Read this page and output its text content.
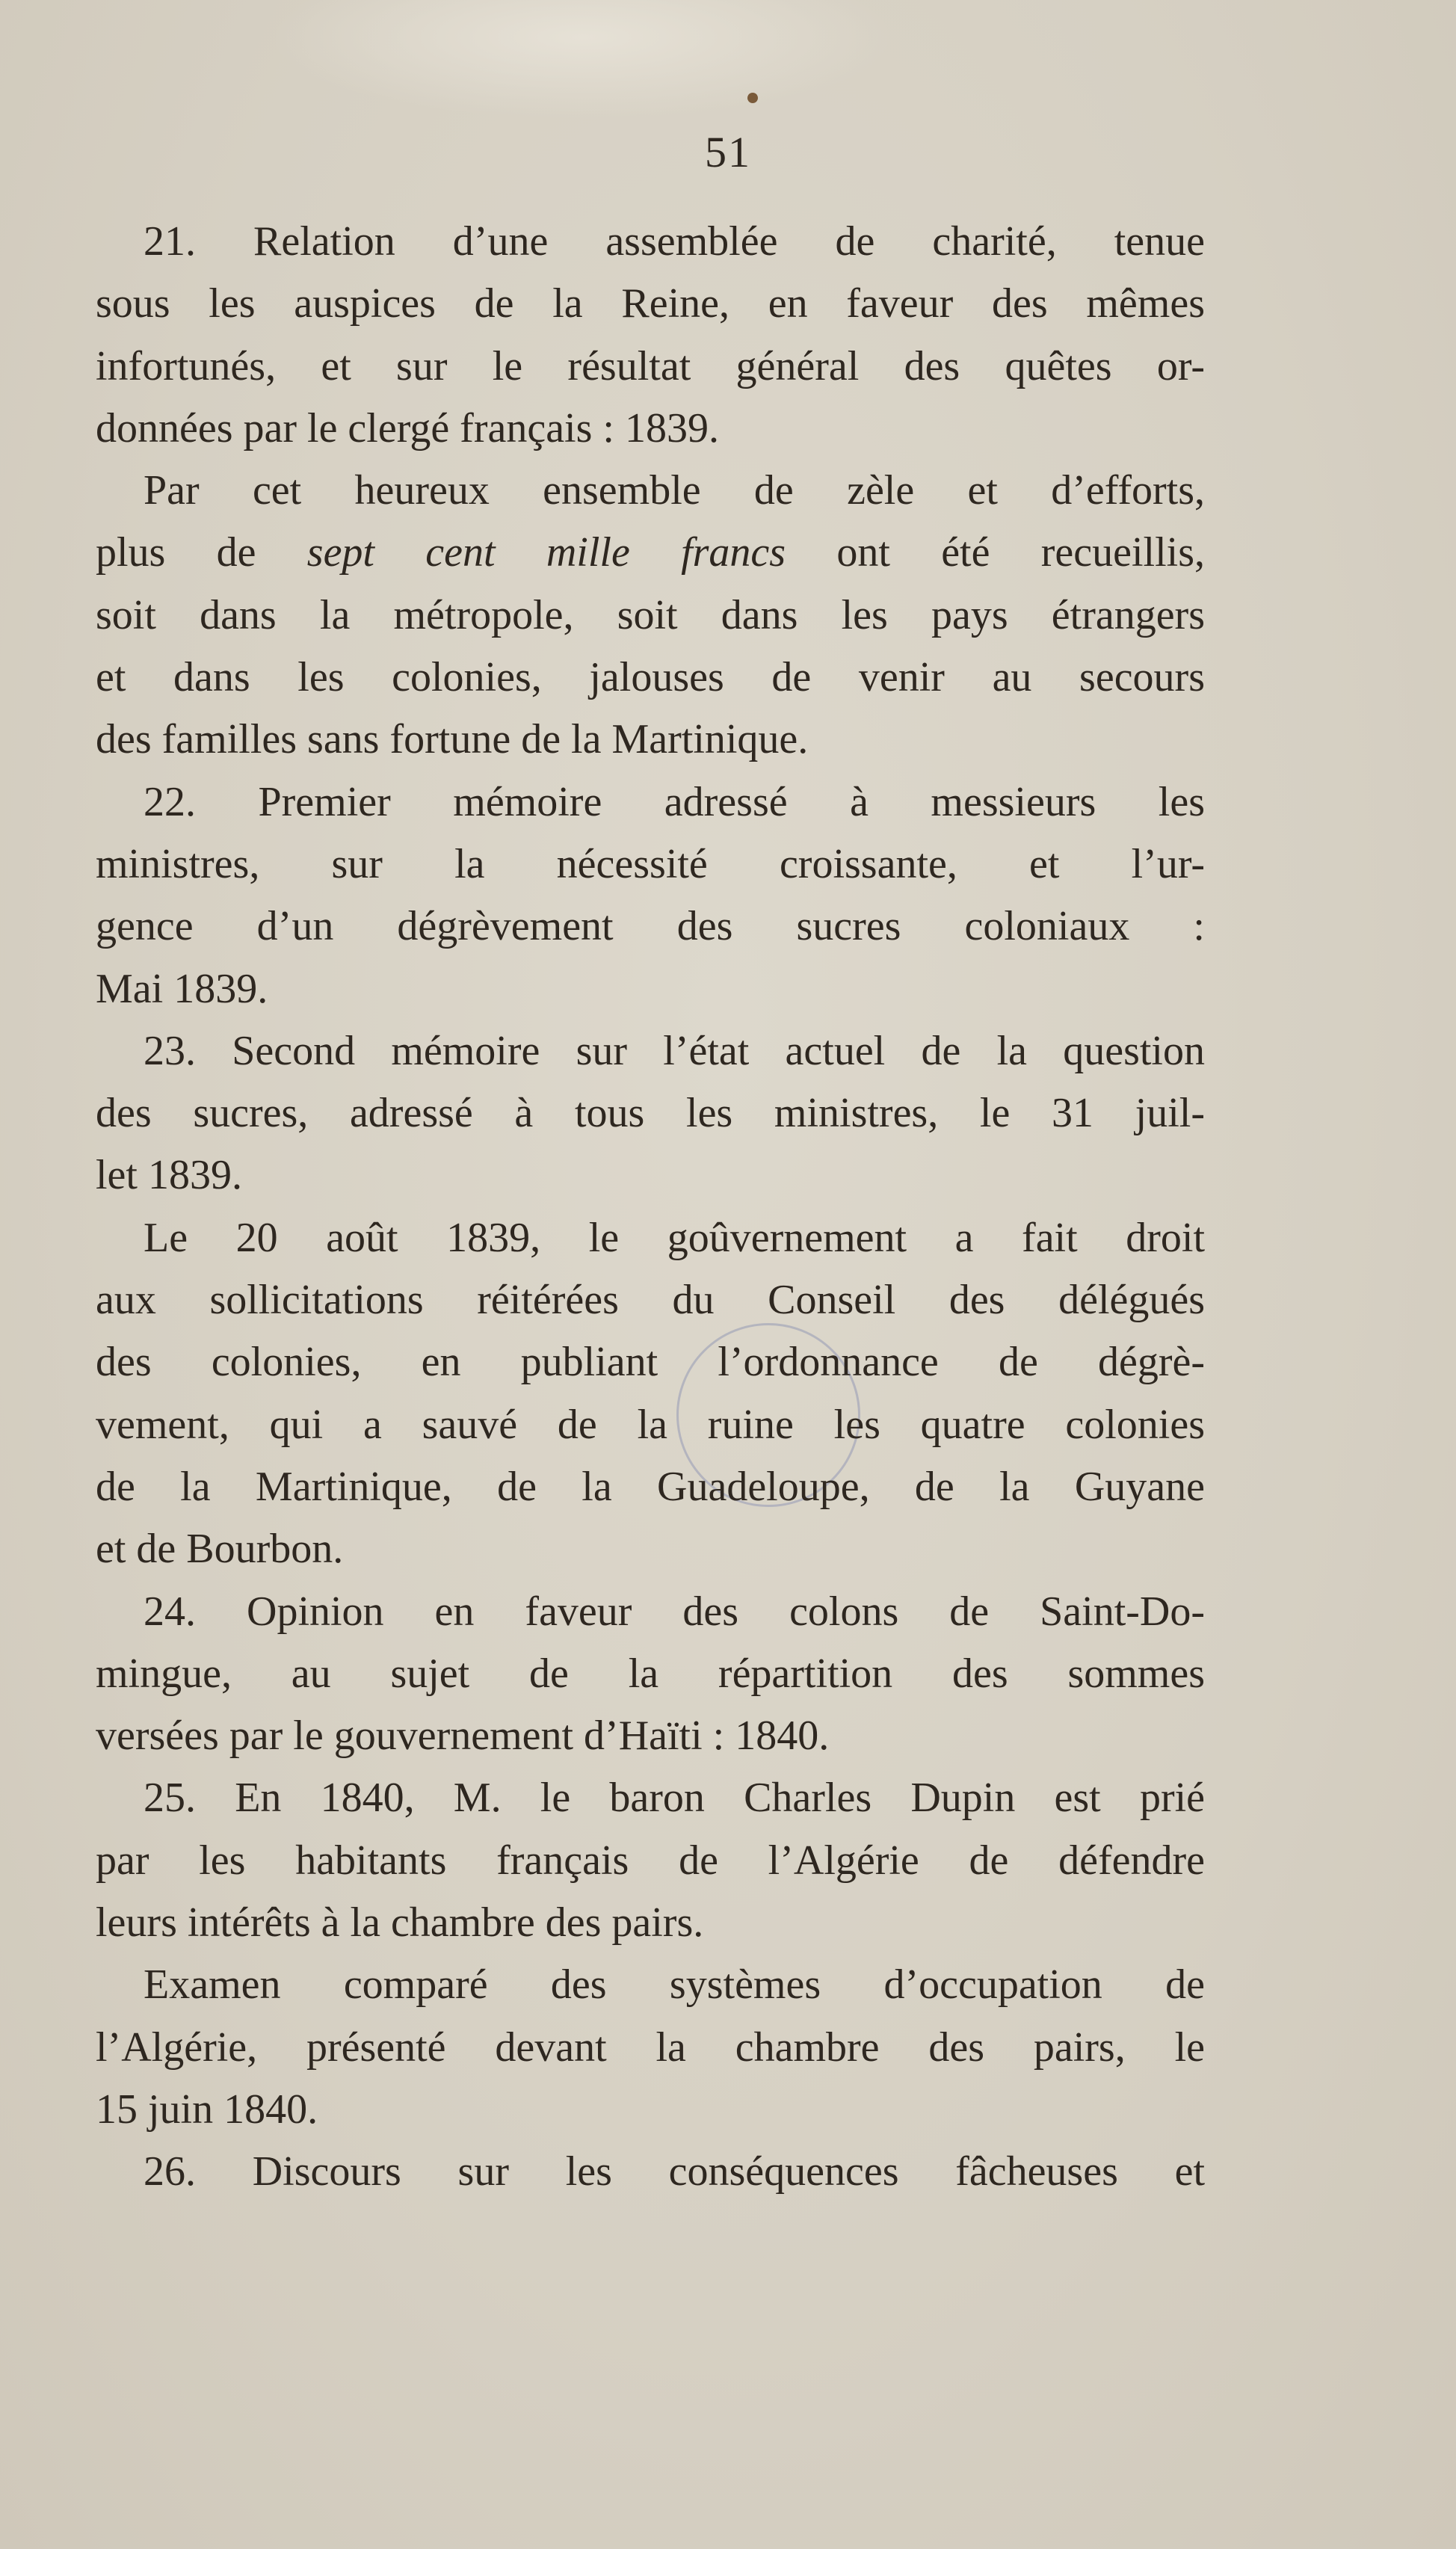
51
21. Relation d’une assemblée de charité, tenue
sous les auspices de la Reine, en faveur des mêmes
infortunés, et sur le résultat général des quêtes or-
données par le clergé français : 1839.
Par cet heureux ensemble de zèle et d’efforts,
plus de sept cent mille francs ont été recueillis,
soit dans la métropole, soit dans les pays étrangers
et dans les colonies, jalouses de venir au secours
des familles sans fortune de la Martinique.
22. Premier mémoire adressé à messieurs les
ministres, sur la nécessité croissante, et l’ur-
gence d’un dégrèvement des sucres coloniaux :
Mai 1839.
23. Second mémoire sur l’état actuel de la question
des sucres, adressé à tous les ministres, le 31 juil-
let 1839.
Le 20 août 1839, le goûvernement a fait droit
aux sollicitations réitérées du Conseil des délégués
des colonies, en publiant l’ordonnance de dégrè-
vement, qui a sauvé de la ruine les quatre colonies
de la Martinique, de la Guadeloupe, de la Guyane
et de Bourbon.
24. Opinion en faveur des colons de Saint-Do-
mingue, au sujet de la répartition des sommes
versées par le gouvernement d’Haïti : 1840.
25. En 1840, M. le baron Charles Dupin est prié
par les habitants français de l’Algérie de défendre
leurs intérêts à la chambre des pairs.
Examen comparé des systèmes d’occupation de
l’Algérie, présenté devant la chambre des pairs, le
15 juin 1840.
26. Discours sur les conséquences fâcheuses et
